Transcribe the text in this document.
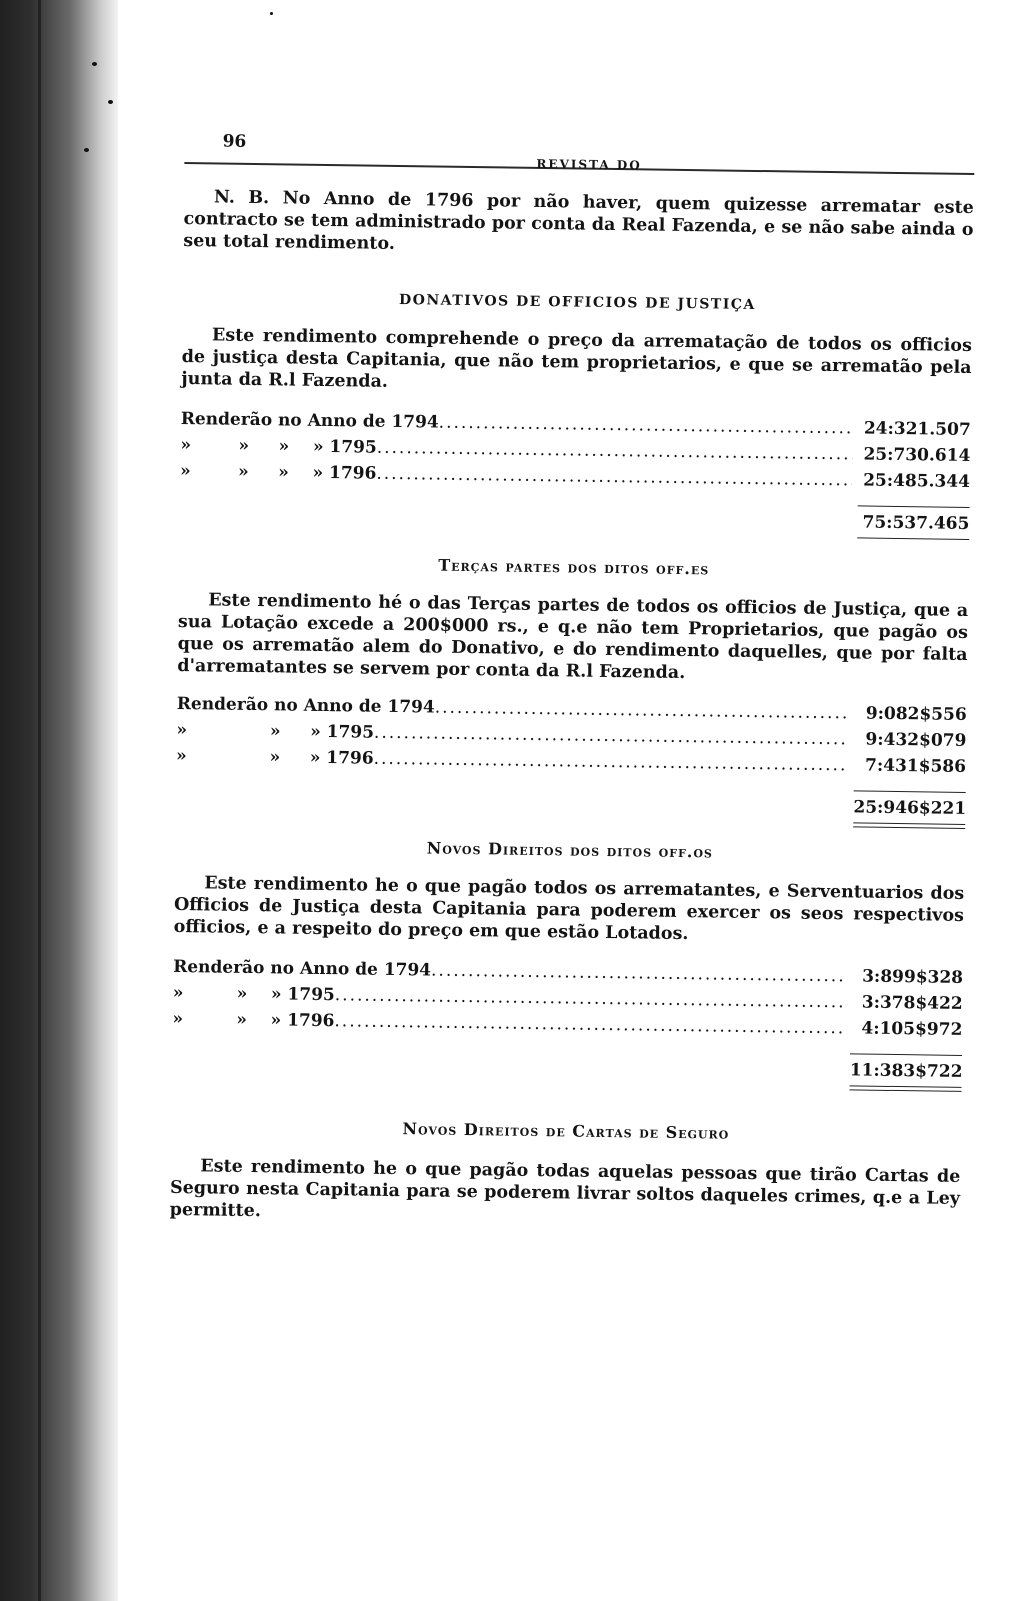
96
REVISTA DO

N. B. No Anno de 1796 por não haver, quem quizesse arrematar este contracto se tem administrado por conta da Real Fazenda, e se não sabe ainda o seu total rendimento.

DONATIVOS DE OFFICIOS DE JUSTIÇA

Este rendimento comprehende o preço da arrematação de todos os officios de justiça desta Capitania, que não tem proprietarios, e que se arrematão pela junta da R.l Fazenda.

Renderão no Anno de 1794 .....	24:321.507
»        »     »    » 1795 .....	25:730.614
»        »     »    » 1796 .....	25:485.344
75:537.465
Terças partes dos ditos off.es

Este rendimento hé o das Terças partes de todos os officios de Justiça, que a sua Lotação excede a 200$000 rs., e q.e não tem Proprietarios, que pagão os que os arrematão alem do Donativo, e do rendimento daquelles, que por falta d'arrematantes se servem por conta da R.l Fazenda.

Renderão no Anno de 1794 .....	9:082$556
»              »     » 1795 .....	9:432$079
»              »     » 1796 .....	7:431$586
25:946$221
Novos Direitos dos ditos off.os

Este rendimento he o que pagão todos os arrematantes, e Serventuarios dos Officios de Justiça desta Capitania para poderem exercer os seos respectivos officios, e a respeito do preço em que estão Lotados.

Renderão no Anno de 1794 .....	3:899$328
»         »    » 1795 .....	3:378$422
»         »    » 1796 .....	4:105$972
11:383$722
Novos Direitos de Cartas de Seguro

Este rendimento he o que pagão todas aquelas pessoas que tirão Cartas de Seguro nesta Capitania para se poderem livrar soltos daqueles crimes, q.e a Ley permitte.
